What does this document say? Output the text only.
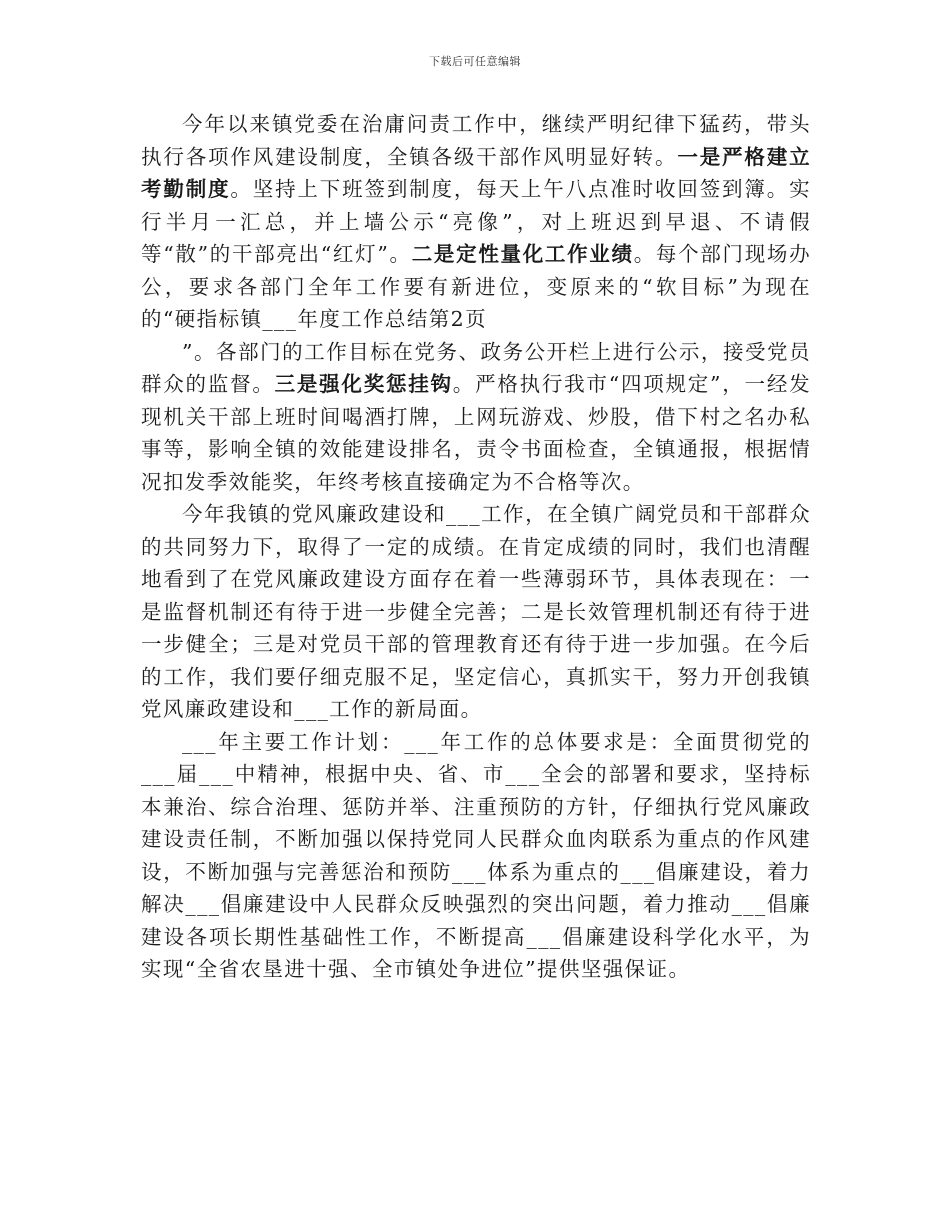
下载后可任意编辑

今年以来镇党委在治庸问责工作中，继续严明纪律下猛药，带头执行各项作风建设制度，全镇各级干部作风明显好转。一是严格建立考勤制度。坚持上下班签到制度，每天上午八点准时收回签到簿。实行半月一汇总，并上墙公示“亮像”，对上班迟到早退、不请假等“散”的干部亮出“红灯”。二是定性量化工作业绩。每个部门现场办公，要求各部门全年工作要有新进位，变原来的“软目标”为现在的“硬指标镇___年度工作总结第2页

”。各部门的工作目标在党务、政务公开栏上进行公示，接受党员群众的监督。三是强化奖惩挂钩。严格执行我市“四项规定”，一经发现机关干部上班时间喝酒打牌，上网玩游戏、炒股，借下村之名办私事等，影响全镇的效能建设排名，责令书面检查，全镇通报，根据情况扣发季效能奖，年终考核直接确定为不合格等次。

今年我镇的党风廉政建设和___工作，在全镇广阔党员和干部群众的共同努力下，取得了一定的成绩。在肯定成绩的同时，我们也清醒地看到了在党风廉政建设方面存在着一些薄弱环节，具体表现在：一是监督机制还有待于进一步健全完善；二是长效管理机制还有待于进一步健全；三是对党员干部的管理教育还有待于进一步加强。在今后的工作，我们要仔细克服不足，坚定信心，真抓实干，努力开创我镇党风廉政建设和___工作的新局面。

___年主要工作计划：___年工作的总体要求是：全面贯彻党的___届___中精神，根据中央、省、市___全会的部署和要求，坚持标本兼治、综合治理、惩防并举、注重预防的方针，仔细执行党风廉政建设责任制，不断加强以保持党同人民群众血肉联系为重点的作风建设，不断加强与完善惩治和预防___体系为重点的___倡廉建设，着力解决___倡廉建设中人民群众反映强烈的突出问题，着力推动___倡廉建设各项长期性基础性工作，不断提高___倡廉建设科学化水平，为实现“全省农垦进十强、全市镇处争进位”提供坚强保证。
